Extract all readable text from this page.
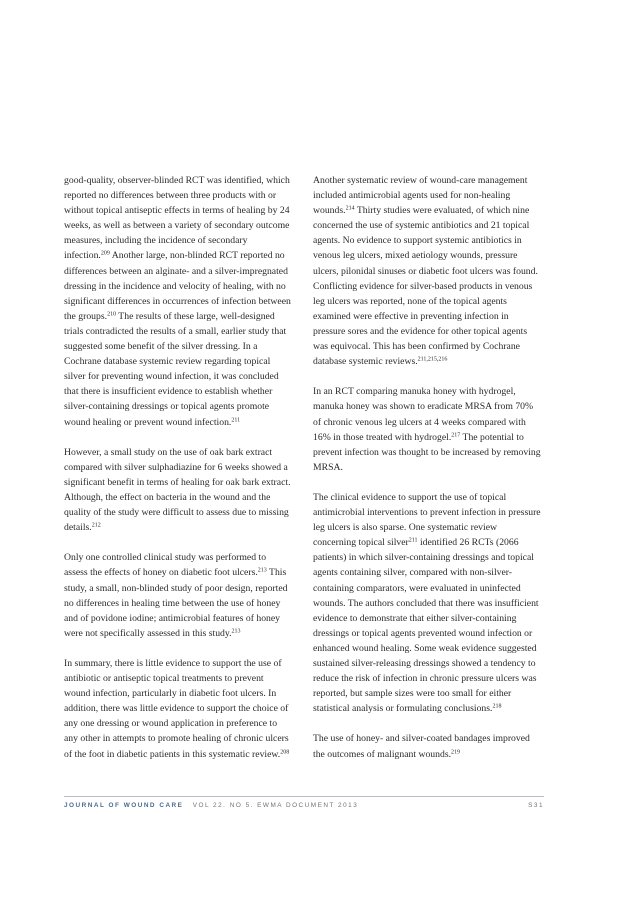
good-quality, observer-blinded RCT was identified, which reported no differences between three products with or without topical antiseptic effects in terms of healing by 24 weeks, as well as between a variety of secondary outcome measures, including the incidence of secondary infection.$^{209}$ Another large, non-blinded RCT reported no differences between an alginate- and a silver-impregnated dressing in the incidence and velocity of healing, with no significant differences in occurrences of infection between the groups.$^{210}$ The results of these large, well-designed trials contradicted the results of a small, earlier study that suggested some benefit of the silver dressing. In a Cochrane database systemic review regarding topical silver for preventing wound infection, it was concluded that there is insufficient evidence to establish whether silver-containing dressings or topical agents promote wound healing or prevent wound infection.$^{211}$

However, a small study on the use of oak bark extract compared with silver sulphadiazine for 6 weeks showed a significant benefit in terms of healing for oak bark extract. Although, the effect on bacteria in the wound and the quality of the study were difficult to assess due to missing details.$^{212}$

Only one controlled clinical study was performed to assess the effects of honey on diabetic foot ulcers.$^{213}$ This study, a small, non-blinded study of poor design, reported no differences in healing time between the use of honey and of povidone iodine; antimicrobial features of honey were not specifically assessed in this study.$^{213}$

In summary, there is little evidence to support the use of antibiotic or antiseptic topical treatments to prevent wound infection, particularly in diabetic foot ulcers. In addition, there was little evidence to support the choice of any one dressing or wound application in preference to any other in attempts to promote healing of chronic ulcers of the foot in diabetic patients in this systematic review.$^{208}$

Another systematic review of wound-care management included antimicrobial agents used for non-healing wounds.$^{214}$ Thirty studies were evaluated, of which nine concerned the use of systemic antibiotics and 21 topical agents. No evidence to support systemic antibiotics in venous leg ulcers, mixed aetiology wounds, pressure ulcers, pilonidal sinuses or diabetic foot ulcers was found. Conflicting evidence for silver-based products in venous leg ulcers was reported, none of the topical agents examined were effective in preventing infection in pressure sores and the evidence for other topical agents was equivocal. This has been confirmed by Cochrane database systemic reviews.$^{211,215,216}$

In an RCT comparing manuka honey with hydrogel, manuka honey was shown to eradicate MRSA from 70% of chronic venous leg ulcers at 4 weeks compared with 16% in those treated with hydrogel.$^{217}$ The potential to prevent infection was thought to be increased by removing MRSA.

The clinical evidence to support the use of topical antimicrobial interventions to prevent infection in pressure leg ulcers is also sparse. One systematic review concerning topical silver$^{211}$ identified 26 RCTs (2066 patients) in which silver-containing dressings and topical agents containing silver, compared with non-silver-containing comparators, were evaluated in uninfected wounds. The authors concluded that there was insufficient evidence to demonstrate that either silver-containing dressings or topical agents prevented wound infection or enhanced wound healing. Some weak evidence suggested sustained silver-releasing dressings showed a tendency to reduce the risk of infection in chronic pressure ulcers was reported, but sample sizes were too small for either statistical analysis or formulating conclusions.$^{218}$

The use of honey- and silver-coated bandages improved the outcomes of malignant wounds.$^{219}$

JOURNAL OF WOUND CARE VOL 22. NO 5. EWMA DOCUMENT 2013	S31
